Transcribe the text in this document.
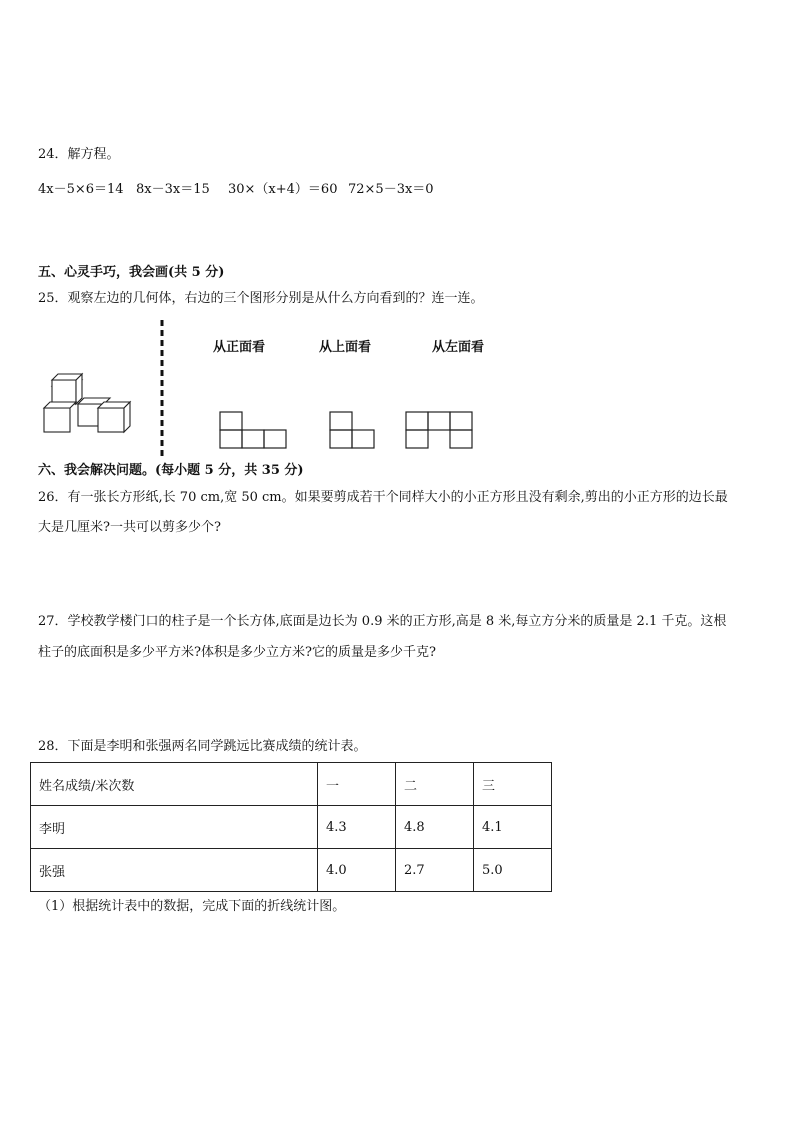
24．解方程。
4x－5×6＝14 8x－3x＝15 30×（x+4）＝60 72×5－3x＝0
五、心灵手巧，我会画(共 5 分)
25．观察左边的几何体，右边的三个图形分别是从什么方向看到的？连一连。
从正面看	从上面看	从左面看
六、我会解决问题。(每小题 5 分，共 35 分)
26．有一张长方形纸,长 70 cm,宽 50 cm。如果要剪成若干个同样大小的小正方形且没有剩余,剪出的小正方形的边长最
大是几厘米?一共可以剪多少个?
27．学校教学楼门口的柱子是一个长方体,底面是边长为 0.9 米的正方形,高是 8 米,每立方分米的质量是 2.1 千克。这根
柱子的底面积是多少平方米?体积是多少立方米?它的质量是多少千克?
28．下面是李明和张强两名同学跳远比赛成绩的统计表。
姓名成绩/米次数	一	二	三
李明	4.3	4.8	4.1
张强	4.0	2.7	5.0
（1）根据统计表中的数据，完成下面的折线统计图。
